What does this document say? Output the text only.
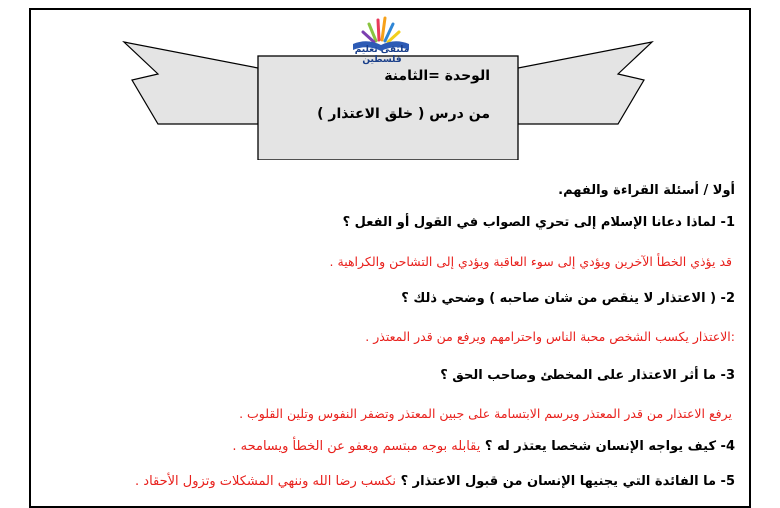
ملتقى تعليم فلسطين
الوحدة =الثامنة
من درس ( خلق الاعتذار )
أولا / أسئلة القراءة والفهم.
1- لماذا دعانا الإسلام إلى تحري الصواب في القول أو الفعل ؟
قد يؤذي الخطأ الآخرين ويؤدي إلى سوء العاقبة ويؤدي إلى التشاحن والكراهية .
2- ( الاعتذار لا ينقص من شان صاحبه ) وضحي ذلك ؟
:الاعتذار يكسب الشخص محبة الناس واحترامهم ويرفع من قدر المعتذر .
3- ما أثر الاعتذار على المخطئ وصاحب الحق ؟
يرفع الاعتذار من قدر المعتذر ويرسم الابتسامة على جبين المعتذر وتضفر النفوس وتلين القلوب .
4- كيف يواجه الإنسان شخصا يعتذر له ؟ يقابله بوجه مبتسم ويعفو عن الخطأ ويسامحه .
5- ما الفائدة التي يجنيها الإنسان من قبول الاعتذار ؟ نكسب رضا الله وننهي المشكلات وتزول الأحقاد .
